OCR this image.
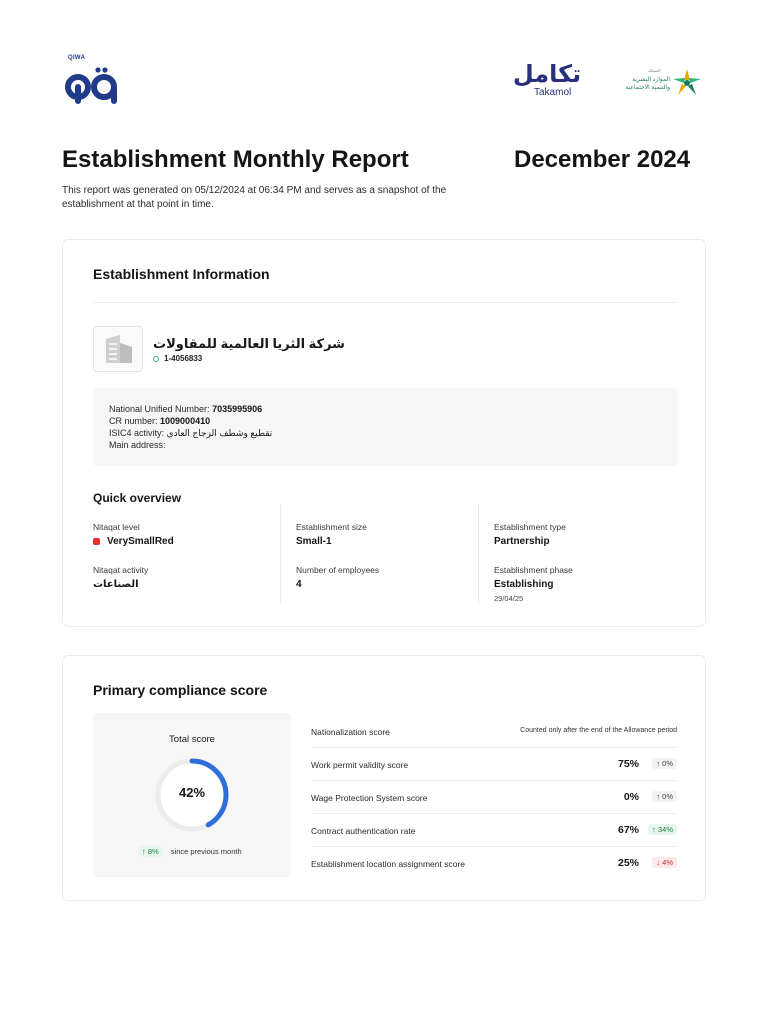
QIWA
تكامل
Takamol
المملكة
الموارد البشرية
والتنمية الاجتماعية
Establishment Monthly Report	December 2024

This report was generated on 05/12/2024 at 06:34 PM and serves as a snapshot of the establishment at that point in time.

Establishment Information
شركة الثريا العالمية للمقاولات
1-4056833
National Unified Number: 7035995906
CR number: 1009000410
ISIC4 activity: تقطيع وشطف الزجاج العادي
Main address:
Quick overview
Nitaqat level
VerySmallRed
Nitaqat activity
الصناعات
Establishment size
Small-1
Number of employees
4
Establishment type
Partnership
Establishment phase
Establishing
29/04/25
Primary compliance score
Total score
42%
↑ 8% since previous month
Nationalization score	Counted only after the end of the Allowance period
Work permit validity score	75%	↑ 0%
Wage Protection System score	0%	↑ 0%
Contract authentication rate	67%	↑ 34%
Establishment location assignment score	25%	↓ 4%
